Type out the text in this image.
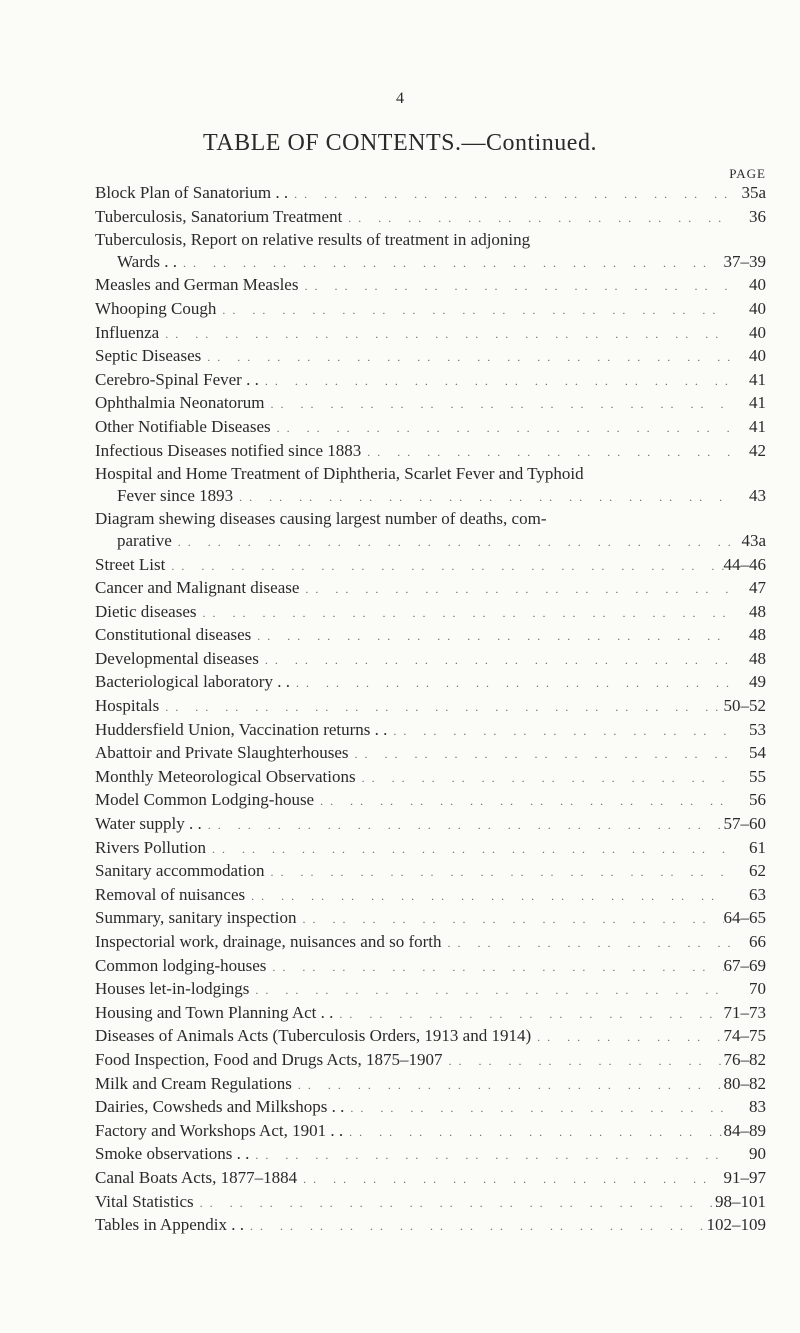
4
TABLE OF CONTENTS.—Continued.
PAGE
Block Plan of Sanatorium . . . .	35a
Tuberculosis, Sanatorium Treatment . .	36
Tuberculosis, Report on relative results of treatment in adjoning
Wards . . . .	37–39
Measles and German Measles . .	40
Whooping Cough . .	40
Influenza . .	40
Septic Diseases . .	40
Cerebro-Spinal Fever . . . .	41
Ophthalmia Neonatorum . .	41
Other Notifiable Diseases . .	41
Infectious Diseases notified since 1883 . .	42
Hospital and Home Treatment of Diphtheria, Scarlet Fever and Typhoid
Fever since 1893 . .	43
Diagram shewing diseases causing largest number of deaths, com-
parative . .	43a
Street List . .	44–46
Cancer and Malignant disease . .	47
Dietic diseases . .	48
Constitutional diseases . .	48
Developmental diseases . .	48
Bacteriological laboratory . . . .	49
Hospitals . .	50–52
Huddersfield Union, Vaccination returns . . . .	53
Abattoir and Private Slaughterhouses . .	54
Monthly Meteorological Observations . .	55
Model Common Lodging-house . .	56
Water supply . . . .	57–60
Rivers Pollution . .	61
Sanitary accommodation . .	62
Removal of nuisances . .	63
Summary, sanitary inspection . .	64–65
Inspectorial work, drainage, nuisances and so forth . .	66
Common lodging-houses . .	67–69
Houses let-in-lodgings . .	70
Housing and Town Planning Act . . . .	71–73
Diseases of Animals Acts (Tuberculosis Orders, 1913 and 1914) . .	74–75
Food Inspection, Food and Drugs Acts, 1875–1907 . .	76–82
Milk and Cream Regulations . .	80–82
Dairies, Cowsheds and Milkshops . . . .	83
Factory and Workshops Act, 1901 . . . .	84–89
Smoke observations . . . .	90
Canal Boats Acts, 1877–1884 . .	91–97
Vital Statistics . .	98–101
Tables in Appendix . . . .	102–109
